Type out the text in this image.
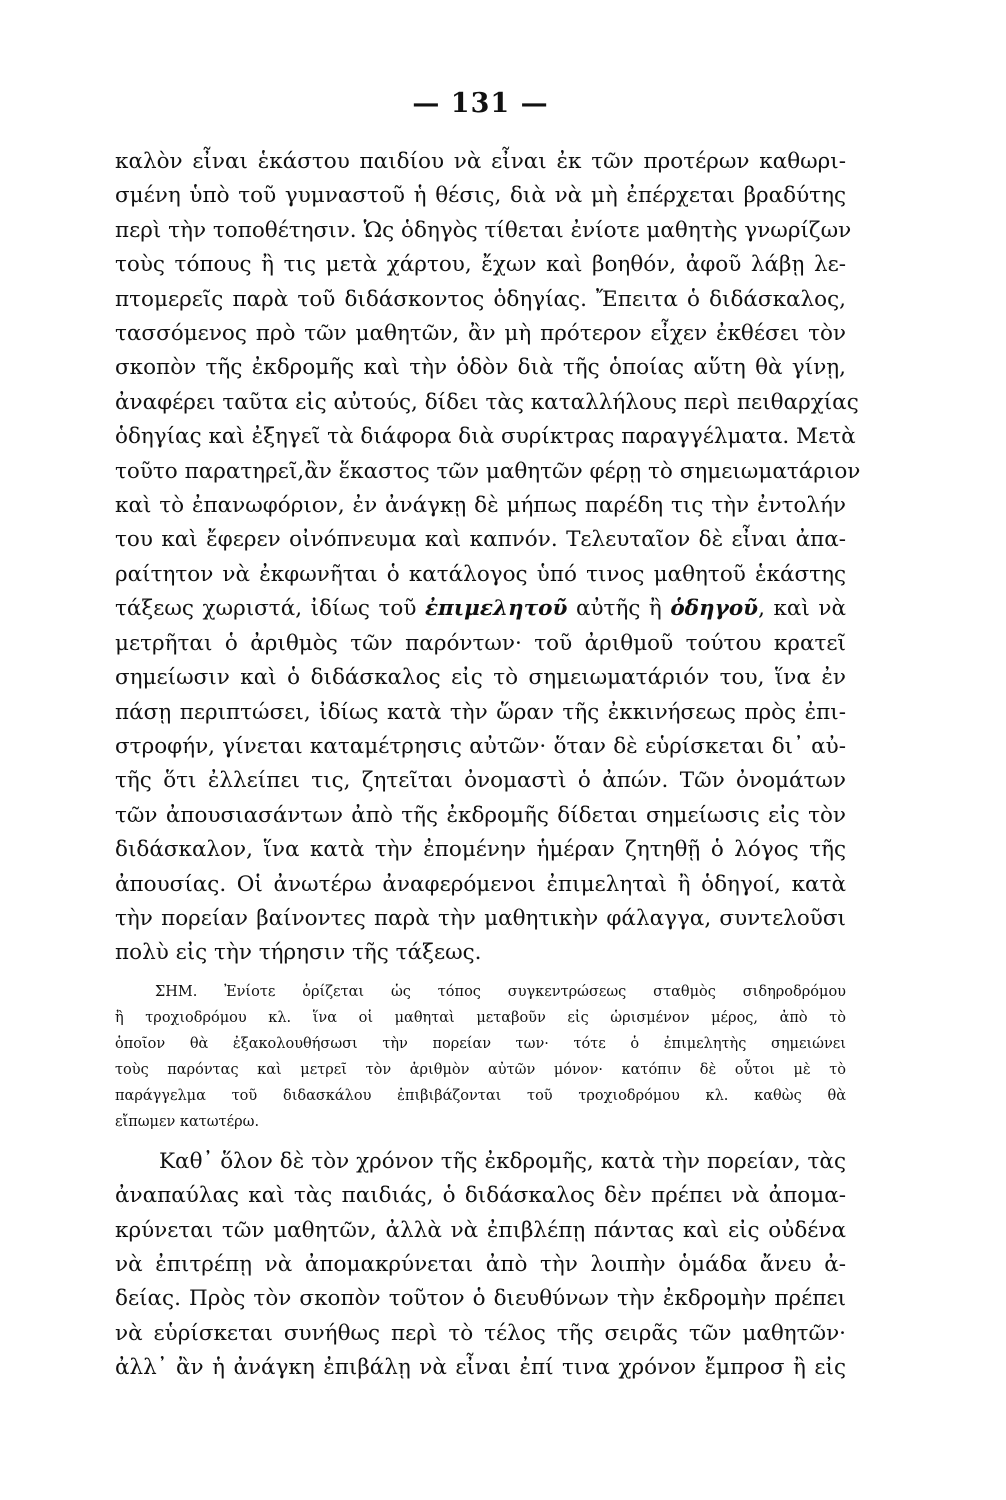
— 131 —
καλὸν εἶναι ἑκάστου παιδίου νὰ εἶναι ἐκ τῶν προτέρων καθωρι-
σμένη ὑπὸ τοῦ γυμναστοῦ ἡ θέσις, διὰ νὰ μὴ ἐπέρχεται βραδύτης
περὶ τὴν τοποθέτησιν. Ὡς ὁδηγὸς τίθεται ἐνίοτε μαθητὴς γνωρίζων
τοὺς τόπους ἢ τις μετὰ χάρτου, ἔχων καὶ βοηθόν, ἀφοῦ λάβῃ λε-
πτομερεῖς παρὰ τοῦ διδάσκοντος ὁδηγίας. Ἔπειτα ὁ διδάσκαλος,
τασσόμενος πρὸ τῶν μαθητῶν, ἂν μὴ πρότερον εἶχεν ἐκθέσει τὸν
σκοπὸν τῆς ἐκδρομῆς καὶ τὴν ὁδὸν διὰ τῆς ὁποίας αὕτη θὰ γίνῃ,
ἀναφέρει ταῦτα εἰς αὐτούς, δίδει τὰς καταλλήλους περὶ πειθαρχίας
ὁδηγίας καὶ ἐξηγεῖ τὰ διάφορα διὰ συρίκτρας παραγγέλματα. Μετὰ
τοῦτο παρατηρεῖ,ἂν ἕκαστος τῶν μαθητῶν φέρῃ τὸ σημειωματάριον
καὶ τὸ ἐπανωφόριον, ἐν ἀνάγκῃ δὲ μήπως παρέδη τις τὴν ἐντολήν
του καὶ ἔφερεν οἰνόπνευμα καὶ καπνόν. Τελευταῖον δὲ εἶναι ἀπα-
ραίτητον νὰ ἐκφωνῆται ὁ κατάλογος ὑπό τινος μαθητοῦ ἑκάστης
τάξεως χωριστά, ἰδίως τοῦ ἐπιμελητοῦ αὐτῆς ἢ ὁδηγοῦ, καὶ νὰ
μετρῆται ὁ ἀριθμὸς τῶν παρόντων· τοῦ ἀριθμοῦ τούτου κρατεῖ
σημείωσιν καὶ ὁ διδάσκαλος εἰς τὸ σημειωματάριόν του, ἵνα ἐν
πάσῃ περιπτώσει, ἰδίως κατὰ τὴν ὥραν τῆς ἐκκινήσεως πρὸς ἐπι-
στροφήν, γίνεται καταμέτρησις αὐτῶν· ὅταν δὲ εὑρίσκεται δι᾽ αὐ-
τῆς ὅτι ἐλλείπει τις, ζητεῖται ὀνομαστὶ ὁ ἀπών. Τῶν ὀνομάτων
τῶν ἀπουσιασάντων ἀπὸ τῆς ἐκδρομῆς δίδεται σημείωσις εἰς τὸν
διδάσκαλον, ἵνα κατὰ τὴν ἐπομένην ἡμέραν ζητηθῇ ὁ λόγος τῆς
ἀπουσίας. Οἱ ἀνωτέρω ἀναφερόμενοι ἐπιμεληταὶ ἢ ὁδηγοί, κατὰ
τὴν πορείαν βαίνοντες παρὰ τὴν μαθητικὴν φάλαγγα, συντελοῦσι
πολὺ εἰς τὴν τήρησιν τῆς τάξεως.
ΣΗΜ. Ἐνίοτε ὁρίζεται ὡς τόπος συγκεντρώσεως σταθμὸς σιδηροδρόμου
ἢ τροχιοδρόμου κλ. ἵνα οἱ μαθηταὶ μεταβοῦν εἰς ὡρισμένον μέρος, ἀπὸ τὸ
ὁποῖον θὰ ἐξακολουθήσωσι τὴν πορείαν των· τότε ὁ ἐπιμελητὴς σημειώνει
τοὺς παρόντας καὶ μετρεῖ τὸν ἀριθμὸν αὐτῶν μόνον· κατόπιν δὲ οὗτοι μὲ τὸ
παράγγελμα τοῦ διδασκάλου ἐπιβιβάζονται τοῦ τροχιοδρόμου κλ. καθὼς θὰ
εἴπωμεν κατωτέρω.
Καθ᾽ ὅλον δὲ τὸν χρόνον τῆς ἐκδρομῆς, κατὰ τὴν πορείαν, τὰς
ἀναπαύλας καὶ τὰς παιδιάς, ὁ διδάσκαλος δὲν πρέπει νὰ ἀπομα-
κρύνεται τῶν μαθητῶν, ἀλλὰ νὰ ἐπιβλέπῃ πάντας καὶ εἰς οὐδένα
νὰ ἐπιτρέπῃ νὰ ἀπομακρύνεται ἀπὸ τὴν λοιπὴν ὁμάδα ἄνευ ἀ-
δείας. Πρὸς τὸν σκοπὸν τοῦτον ὁ διευθύνων τὴν ἐκδρομὴν πρέπει
νὰ εὑρίσκεται συνήθως περὶ τὸ τέλος τῆς σειρᾶς τῶν μαθητῶν·
ἀλλ᾽ ἂν ἡ ἀνάγκη ἐπιβάλῃ νὰ εἶναι ἐπί τινα χρόνον ἔμπροσ ἢ εἰς
